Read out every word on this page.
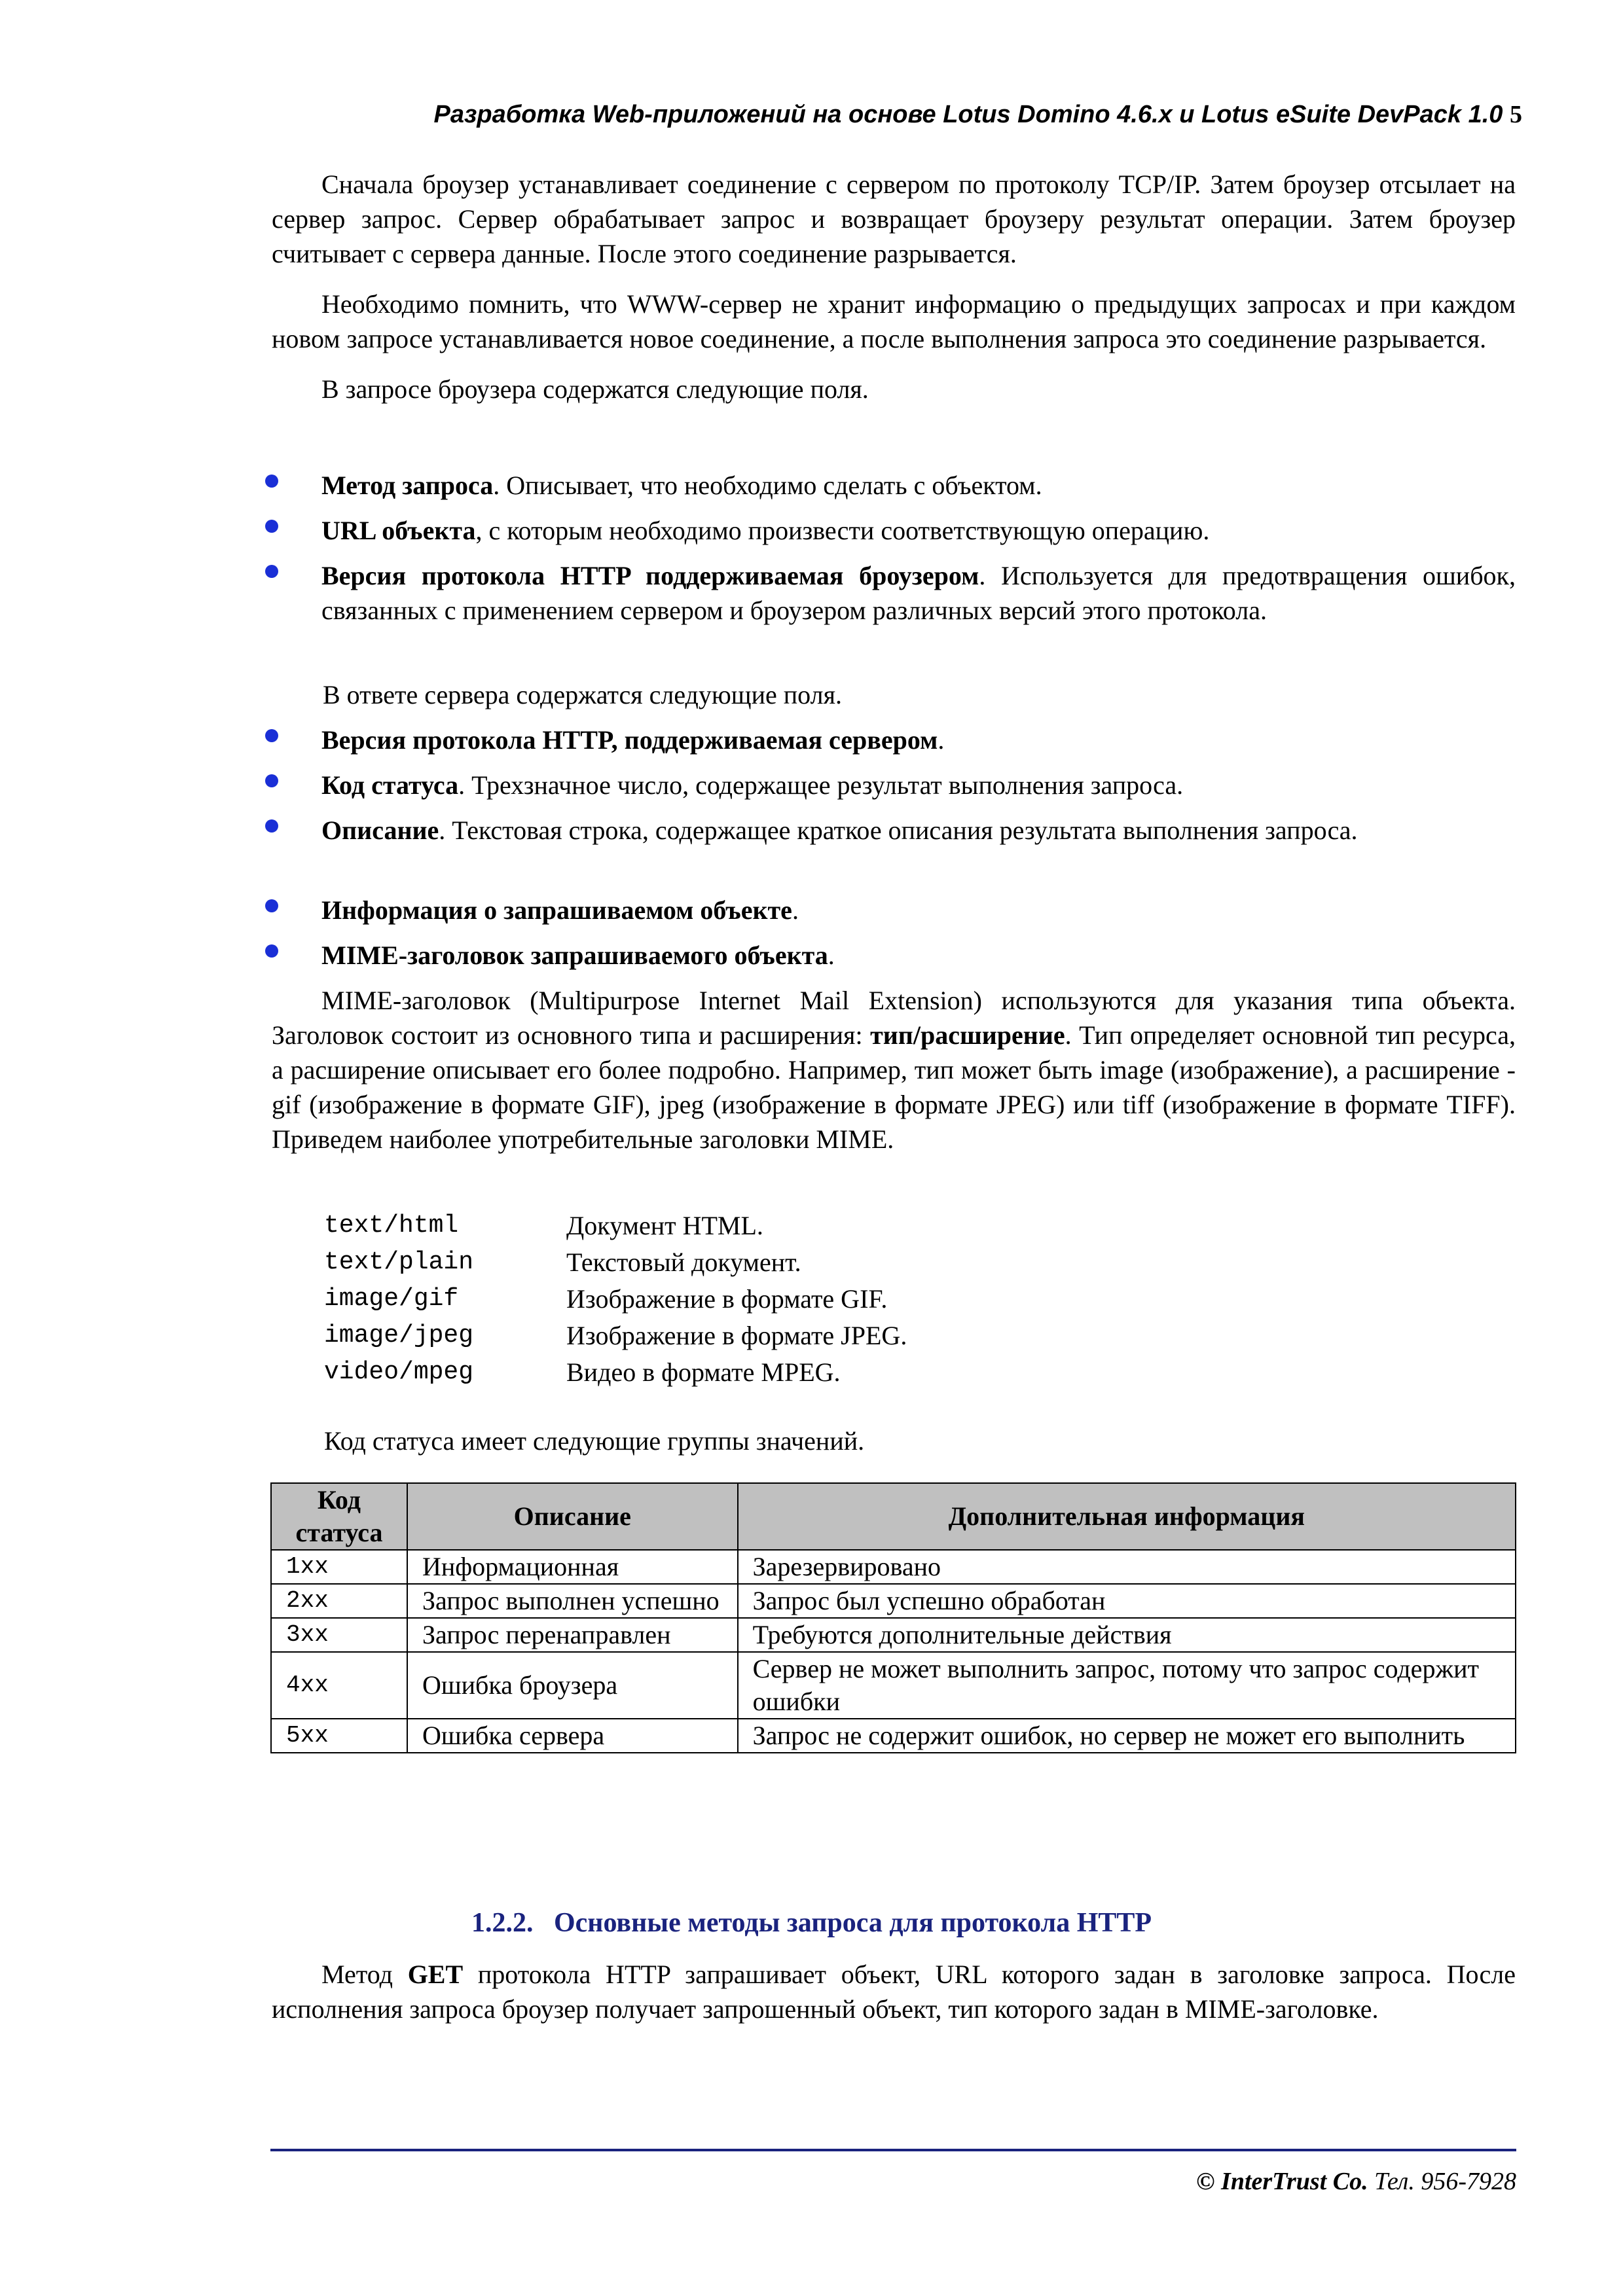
Разработка Web-приложений на основе Lotus Domino 4.6.x и Lotus eSuite DevPack 1.0 5

Сначала броузер устанавливает соединение с сервером по протоколу TCP/IP. Затем броузер отсылает на сервер запрос. Сервер обрабатывает запрос и возвращает броузеру результат операции. Затем броузер считывает с сервера данные. После этого соединение разрывается.

Необходимо помнить, что WWW-сервер не хранит информацию о предыдущих запросах и при каждом новом запросе устанавливается новое соединение, а после выполнения запроса это соединение разрывается.

В запросе броузера содержатся следующие поля.

Метод запроса. Описывает, что необходимо сделать с объектом.
URL объекта, с которым необходимо произвести соответствующую операцию.
Версия протокола HTTP поддерживаемая броузером. Используется для предотвращения ошибок, связанных с применением сервером и броузером различных версий этого протокола.
В ответе сервера содержатся следующие поля.
Версия протокола HTTP, поддерживаемая сервером.
Код статуса. Трехзначное число, содержащее результат выполнения запроса.
Описание. Текстовая строка, содержащее краткое описания результата выполнения запроса.
Информация о запрашиваемом объекте.
MIME-заголовок запрашиваемого объекта.

MIME-заголовок (Multipurpose Internet Mail Extension) используются для указания типа объекта. Заголовок состоит из основного типа и расширения: тип/расширение. Тип определяет основной тип ресурса, а расширение описывает его более подробно. Например, тип может быть image (изображение), а расширение - gif (изображение в формате GIF), jpeg (изображение в формате JPEG) или tiff (изображение в формате TIFF). Приведем наиболее употребительные заголовки MIME.

text/html	Документ HTML.
text/plain	Текстовый документ.
image/gif	Изображение в формате GIF.
image/jpeg	Изображение в формате JPEG.
video/mpeg	Видео в формате MPEG.
Код статуса имеет следующие группы значений.
Код статуса	Описание	Дополнительная информация
1xx	Информационная	Зарезервировано
2xx	Запрос выполнен успешно	Запрос был успешно обработан
3xx	Запрос перенаправлен	Требуются дополнительные действия
4xx	Ошибка броузера	Сервер не может выполнить запрос, потому что запрос содержит ошибки
5xx	Ошибка сервера	Запрос не содержит ошибок, но сервер не может его выполнить
1.2.2. Основные методы запроса для протокола HTTP

Метод GET протокола HTTP запрашивает объект, URL которого задан в заголовке запроса. После исполнения запроса броузер получает запрошенный объект, тип которого задан в MIME-заголовке.

© InterTrust Co. Тел. 956-7928
